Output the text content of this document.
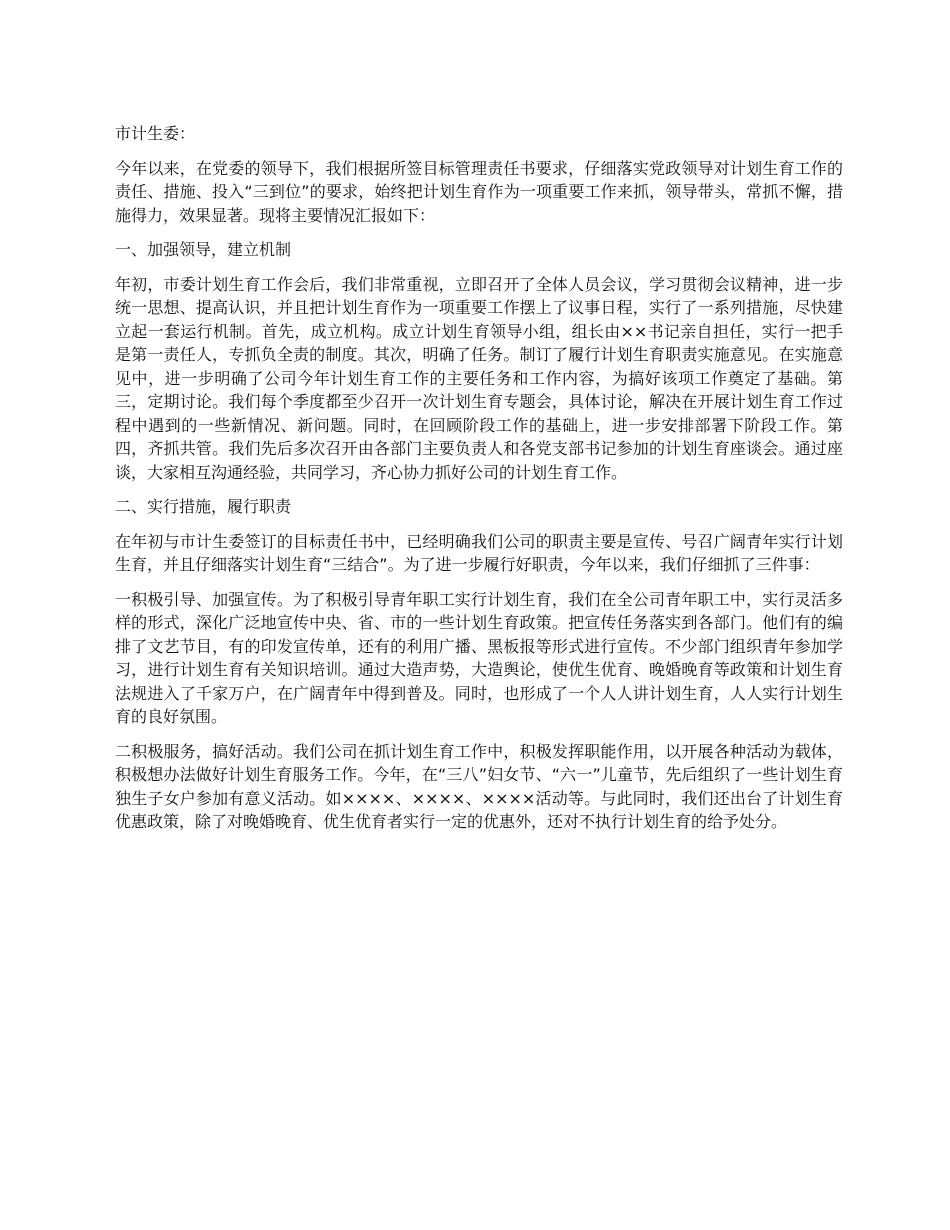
市计生委：

今年以来，在党委的领导下，我们根据所签目标管理责任书要求，仔细落实党政领导对计划生育工作的责任、措施、投入“三到位”的要求，始终把计划生育作为一项重要工作来抓，领导带头，常抓不懈，措施得力，效果显著。现将主要情况汇报如下：

一、加强领导，建立机制

年初，市委计划生育工作会后，我们非常重视，立即召开了全体人员会议，学习贯彻会议精神，进一步统一思想、提高认识，并且把计划生育作为一项重要工作摆上了议事日程，实行了一系列措施，尽快建立起一套运行机制。首先，成立机构。成立计划生育领导小组，组长由××书记亲自担任，实行一把手是第一责任人，专抓负全责的制度。其次，明确了任务。制订了履行计划生育职责实施意见。在实施意见中，进一步明确了公司今年计划生育工作的主要任务和工作内容，为搞好该项工作奠定了基础。第三，定期讨论。我们每个季度都至少召开一次计划生育专题会，具体讨论，解决在开展计划生育工作过程中遇到的一些新情况、新问题。同时，在回顾阶段工作的基础上，进一步安排部署下阶段工作。第四，齐抓共管。我们先后多次召开由各部门主要负责人和各党支部书记参加的计划生育座谈会。通过座谈，大家相互沟通经验，共同学习，齐心协力抓好公司的计划生育工作。

二、实行措施，履行职责

在年初与市计生委签订的目标责任书中，已经明确我们公司的职责主要是宣传、号召广阔青年实行计划生育，并且仔细落实计划生育“三结合”。为了进一步履行好职责，今年以来，我们仔细抓了三件事：

一积极引导、加强宣传。为了积极引导青年职工实行计划生育，我们在全公司青年职工中，实行灵活多样的形式，深化广泛地宣传中央、省、市的一些计划生育政策。把宣传任务落实到各部门。他们有的编排了文艺节目，有的印发宣传单，还有的利用广播、黑板报等形式进行宣传。不少部门组织青年参加学习，进行计划生育有关知识培训。通过大造声势，大造舆论，使优生优育、晚婚晚育等政策和计划生育法规进入了千家万户，在广阔青年中得到普及。同时，也形成了一个人人讲计划生育，人人实行计划生育的良好氛围。

二积极服务，搞好活动。我们公司在抓计划生育工作中，积极发挥职能作用，以开展各种活动为载体，积极想办法做好计划生育服务工作。今年，在“三八”妇女节、“六一”儿童节，先后组织了一些计划生育独生子女户参加有意义活动。如××××、××××、××××活动等。与此同时，我们还出台了计划生育优惠政策，除了对晚婚晚育、优生优育者实行一定的优惠外，还对不执行计划生育的给予处分。
